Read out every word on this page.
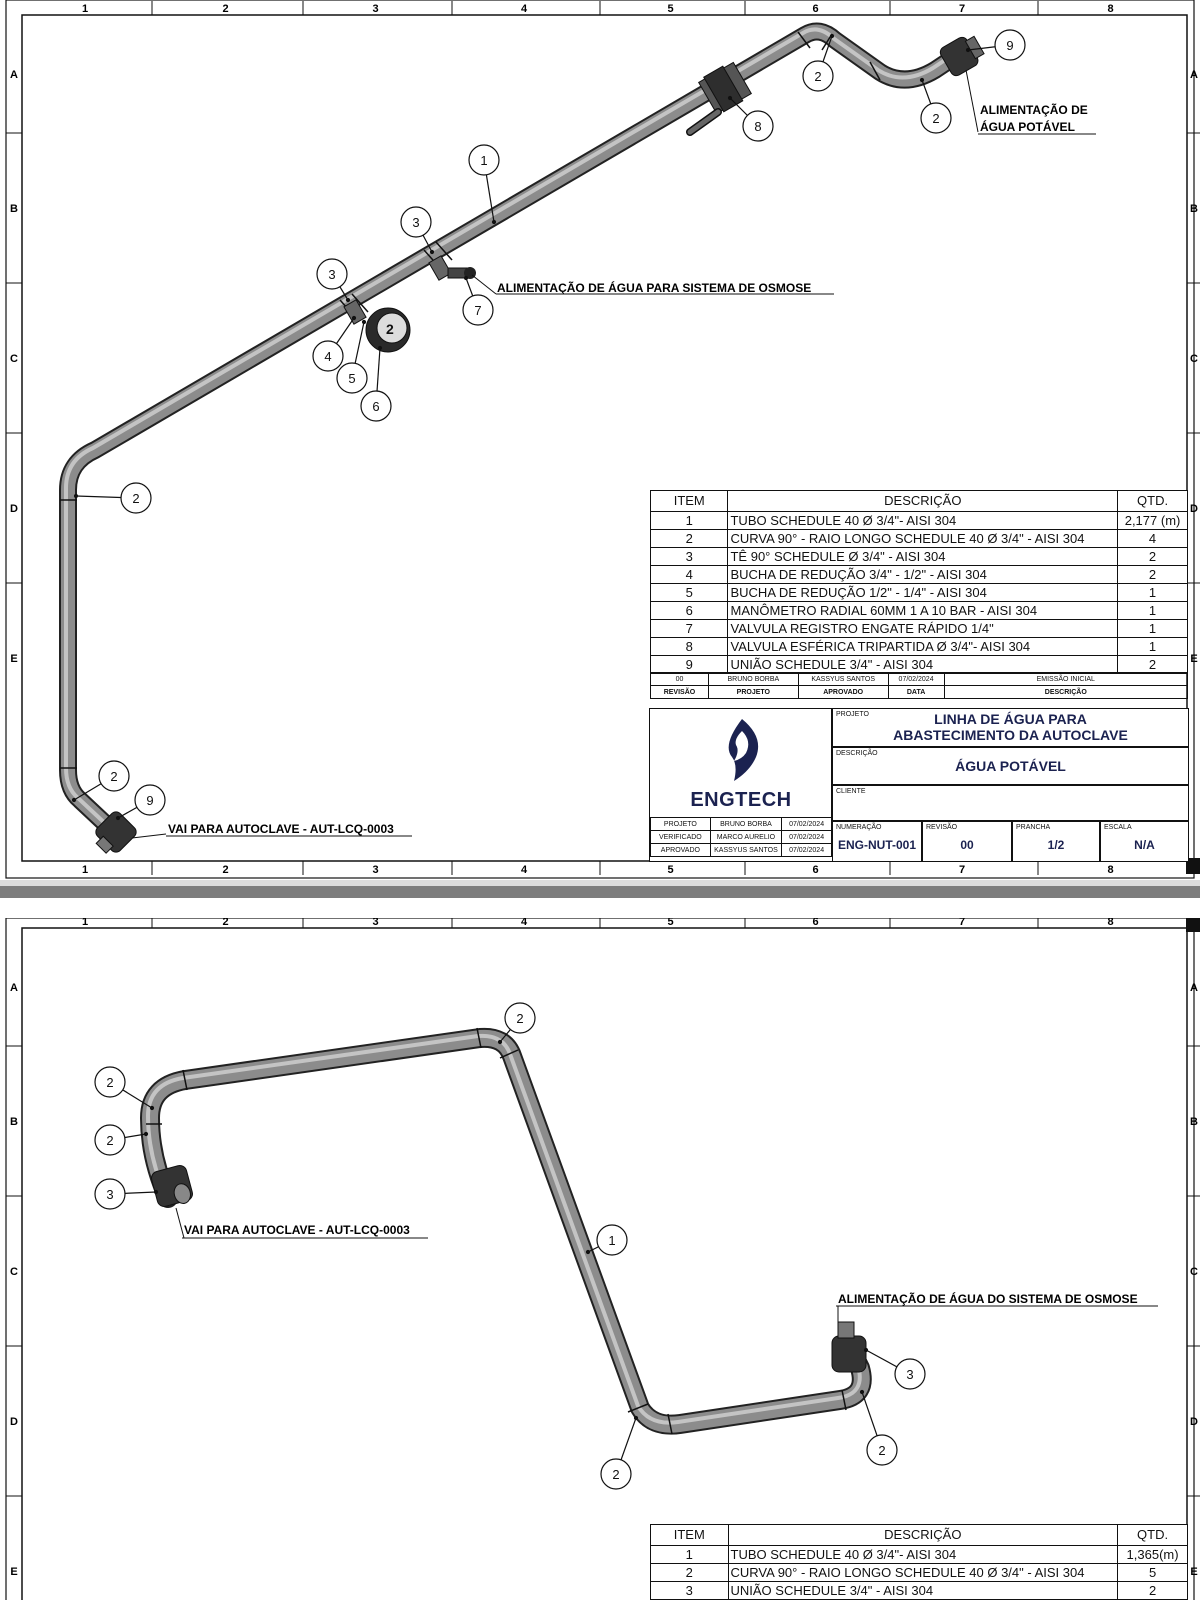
1
1
2
2
3
3
4
4
5
5
6
6
7
7
8
8
A	A
B	B
C	C
D	D
E	E
2
9
2
2
8
1
3
3
7
4
5
6
2
2
9
ALIMENTAÇÃO DE
ÁGUA POTÁVEL
ALIMENTAÇÃO DE ÁGUA PARA SISTEMA DE OSMOSE
VAI PARA AUTOCLAVE - AUT-LCQ-0003
ITEM	DESCRIÇÃO	QTD.
1	TUBO SCHEDULE 40 Ø 3/4"- AISI 304	2,177 (m)
2	CURVA 90° - RAIO LONGO SCHEDULE 40 Ø 3/4" - AISI 304	4
3	TÊ 90° SCHEDULE Ø 3/4" - AISI 304	2
4	BUCHA DE REDUÇÃO 3/4" - 1/2" - AISI 304	2
5	BUCHA DE REDUÇÃO 1/2" - 1/4" - AISI 304	1
6	MANÔMETRO RADIAL 60MM 1 A 10 BAR - AISI 304	1
7	VALVULA REGISTRO ENGATE RÁPIDO 1/4"	1
8	VALVULA ESFÉRICA TRIPARTIDA Ø 3/4"- AISI 304	1
9	UNIÃO SCHEDULE 3/4" - AISI 304	2
00	BRUNO BORBA	KASSYUS SANTOS	07/02/2024	EMISSÃO INICIAL
REVISÃO	PROJETO	APROVADO	DATA	DESCRIÇÃO
ENGTECH
PROJETO	BRUNO BORBA	07/02/2024
VERIFICADO	MARCO AURELIO	07/02/2024
APROVADO	KASSYUS SANTOS	07/02/2024
PROJETO	LINHA DE ÁGUA PARA
ABASTECIMENTO DA AUTOCLAVE
DESCRIÇÃO
ÁGUA POTÁVEL
CLIENTE
NUMERAÇÃO
ENG-NUT-001
REVISÃO
00
PRANCHA
1/2
ESCALA
N/A
1	2	3	4	5	6	7	8
A	A
B	B
C	C
D	D
E	E
2
2
3
2
1
3
2
2
VAI PARA AUTOCLAVE - AUT-LCQ-0003
ALIMENTAÇÃO DE ÁGUA DO SISTEMA DE OSMOSE
ITEM	DESCRIÇÃO	QTD.
1	TUBO SCHEDULE 40 Ø 3/4"- AISI 304	1,365(m)
2	CURVA 90° - RAIO LONGO SCHEDULE 40 Ø 3/4" - AISI 304	5
3	UNIÃO SCHEDULE 3/4" - AISI 304	2
